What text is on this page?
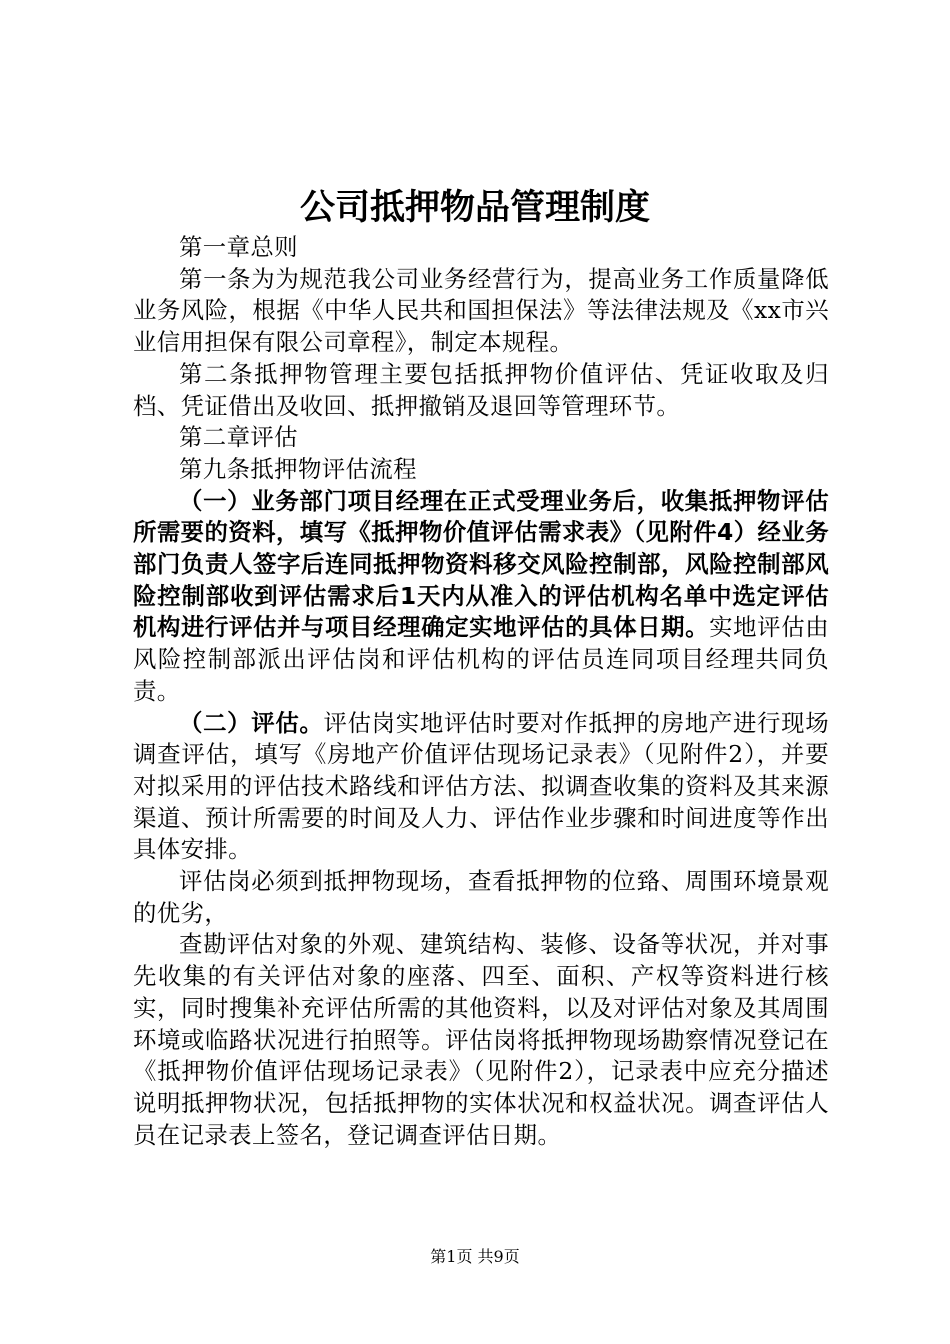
公司抵押物品管理制度

第一章总则

第一条为为规范我公司业务经营行为，提高业务工作质量降低业务风险，根据《中华人民共和国担保法》等法律法规及《xx市兴业信用担保有限公司章程》，制定本规程。

第二条抵押物管理主要包括抵押物价值评估、凭证收取及归档、凭证借出及收回、抵押撤销及退回等管理环节。

第二章评估

第九条抵押物评估流程

（一）业务部门项目经理在正式受理业务后，收集抵押物评估所需要的资料，填写《抵押物价值评估需求表》（见附件4）经业务部门负责人签字后连同抵押物资料移交风险控制部，风险控制部风险控制部收到评估需求后1天内从准入的评估机构名单中选定评估机构进行评估并与项目经理确定实地评估的具体日期。实地评估由风险控制部派出评估岗和评估机构的评估员连同项目经理共同负责。

（二）评估。评估岗实地评估时要对作抵押的房地产进行现场调查评估，填写《房地产价值评估现场记录表》（见附件2），并要对拟采用的评估技术路线和评估方法、拟调查收集的资料及其来源渠道、预计所需要的时间及人力、评估作业步骤和时间进度等作出具体安排。

评估岗必须到抵押物现场，查看抵押物的位臵、周围环境景观的优劣，

查勘评估对象的外观、建筑结构、装修、设备等状况，并对事先收集的有关评估对象的座落、四至、面积、产权等资料进行核实，同时搜集补充评估所需的其他资料，以及对评估对象及其周围环境或临路状况进行拍照等。评估岗将抵押物现场勘察情况登记在《抵押物价值评估现场记录表》（见附件2），记录表中应充分描述说明抵押物状况，包括抵押物的实体状况和权益状况。调查评估人员在记录表上签名，登记调查评估日期。

第1页 共9页
